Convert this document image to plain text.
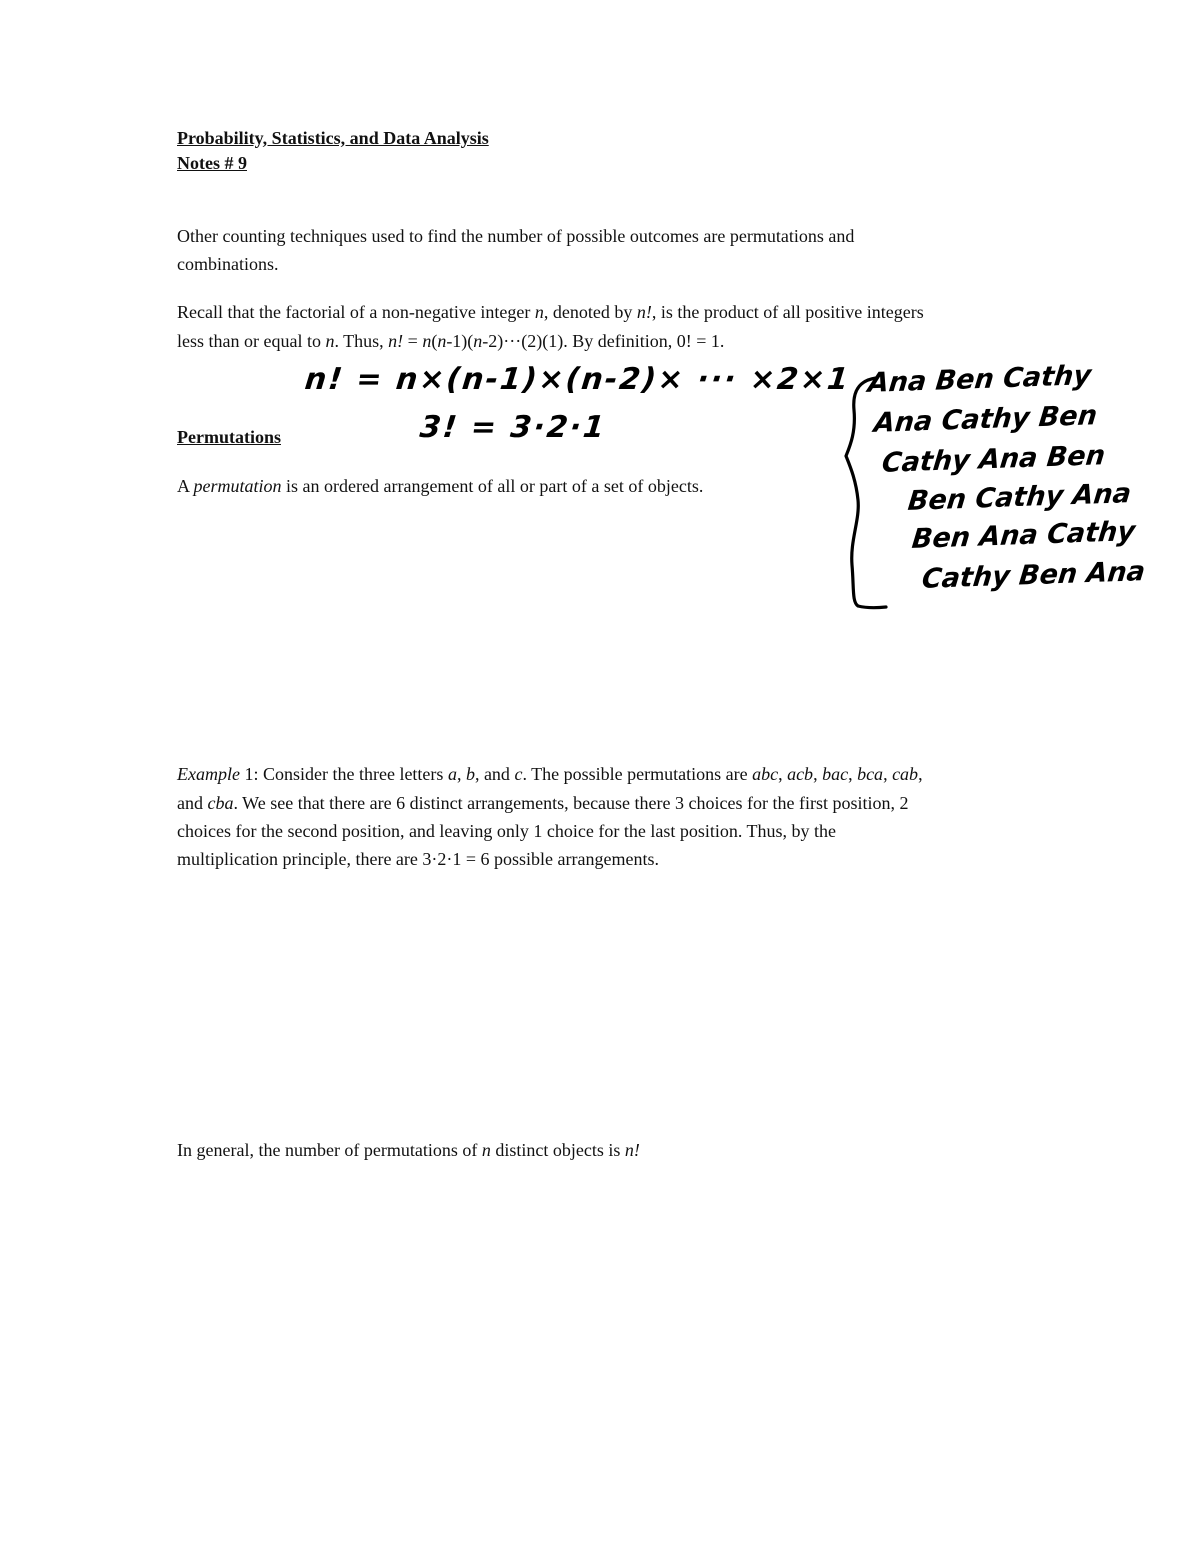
Probability, Statistics, and Data Analysis
Notes # 9
Other counting techniques used to find the number of possible outcomes are permutations and
combinations.
Recall that the factorial of a non-negative integer n, denoted by n!, is the product of all positive integers
less than or equal to n. Thus, n! = n(n-1)(n-2)···(2)(1). By definition, 0! = 1.
n! = n×(n-1)×(n-2)× ··· ×2×1
3! = 3·2·1
Permutations
A permutation is an ordered arrangement of all or part of a set of objects.
Ana Ben Cathy
Ana Cathy Ben
Cathy Ana Ben
Ben Cathy Ana
Ben Ana Cathy
Cathy Ben Ana
Example 1: Consider the three letters a, b, and c. The possible permutations are abc, acb, bac, bca, cab,
and cba. We see that there are 6 distinct arrangements, because there 3 choices for the first position, 2
choices for the second position, and leaving only 1 choice for the last position. Thus, by the
multiplication principle, there are 3·2·1 = 6 possible arrangements.
In general, the number of permutations of n distinct objects is n!
